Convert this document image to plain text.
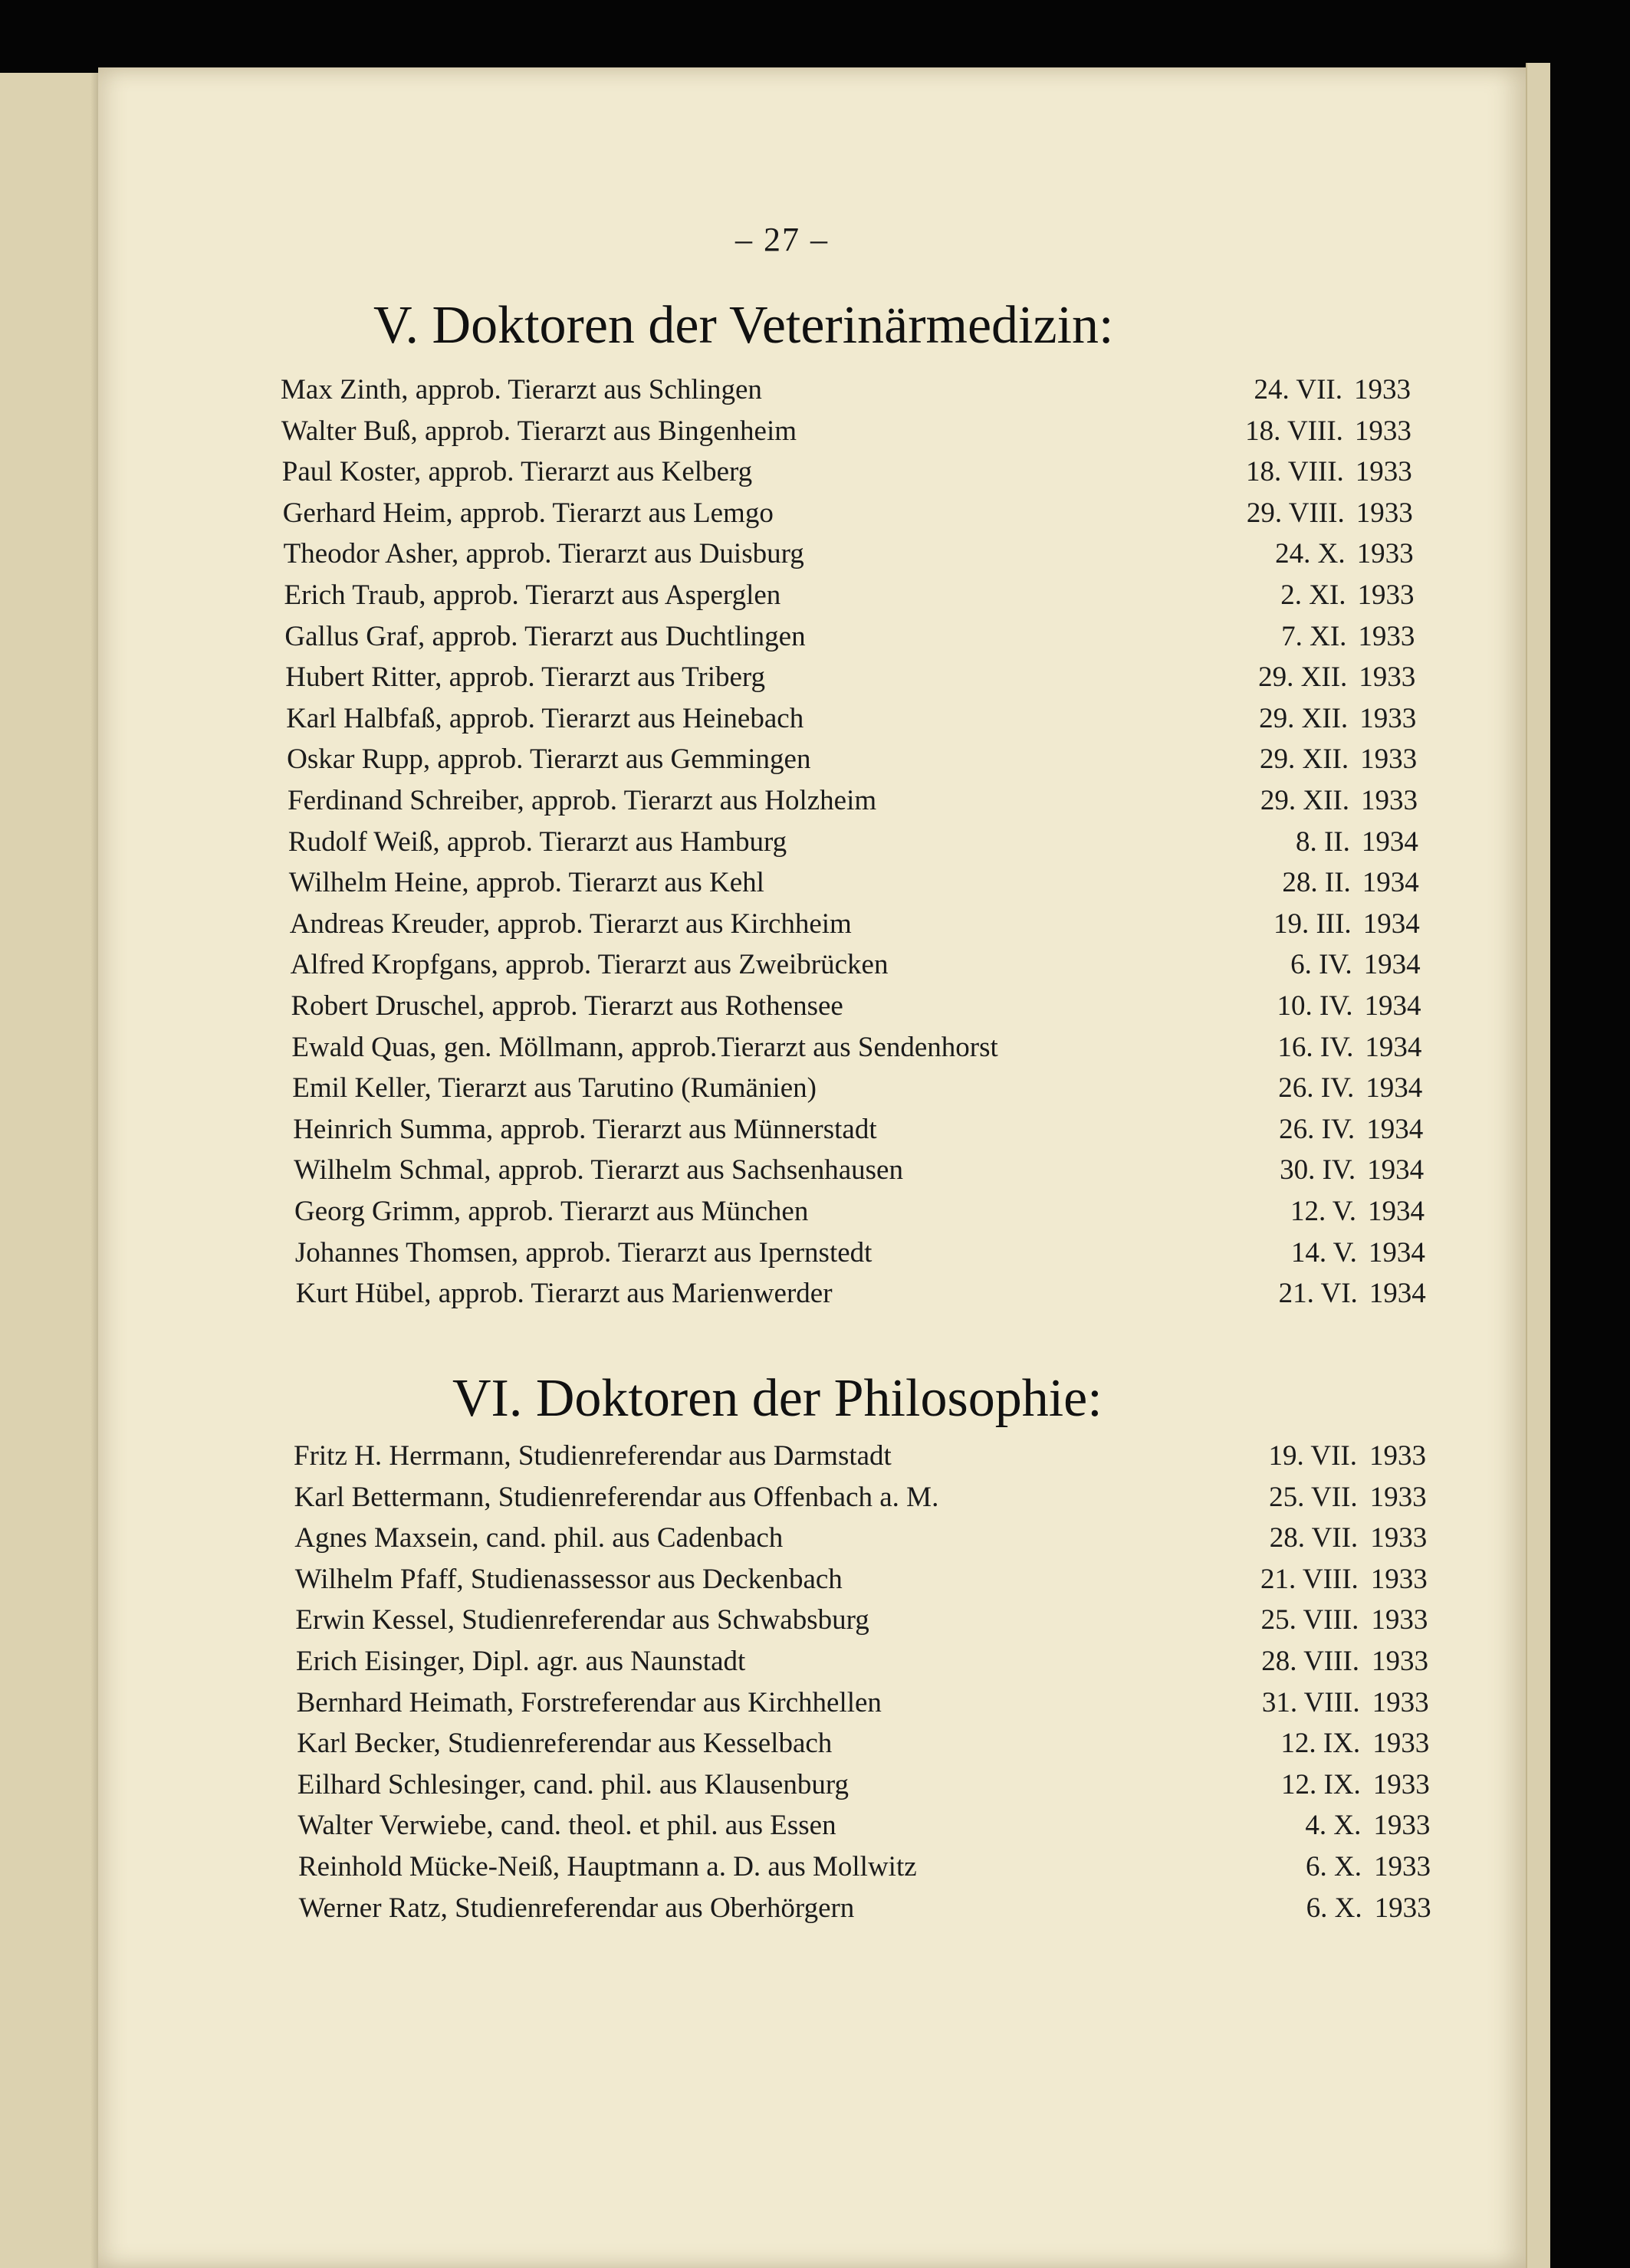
– 27 –
V. Doktoren der Veterinärmedizin:
Max Zinth, approb. Tierarzt aus Schlingen	24. VII. 1933
Walter Buß, approb. Tierarzt aus Bingenheim	18. VIII. 1933
Paul Koster, approb. Tierarzt aus Kelberg	18. VIII. 1933
Gerhard Heim, approb. Tierarzt aus Lemgo	29. VIII. 1933
Theodor Asher, approb. Tierarzt aus Duisburg	24. X. 1933
Erich Traub, approb. Tierarzt aus Asperglen	2. XI. 1933
Gallus Graf, approb. Tierarzt aus Duchtlingen	7. XI. 1933
Hubert Ritter, approb. Tierarzt aus Triberg	29. XII. 1933
Karl Halbfaß, approb. Tierarzt aus Heinebach	29. XII. 1933
Oskar Rupp, approb. Tierarzt aus Gemmingen	29. XII. 1933
Ferdinand Schreiber, approb. Tierarzt aus Holzheim	29. XII. 1933
Rudolf Weiß, approb. Tierarzt aus Hamburg	8. II. 1934
Wilhelm Heine, approb. Tierarzt aus Kehl	28. II. 1934
Andreas Kreuder, approb. Tierarzt aus Kirchheim	19. III. 1934
Alfred Kropfgans, approb. Tierarzt aus Zweibrücken	6. IV. 1934
Robert Druschel, approb. Tierarzt aus Rothensee	10. IV. 1934
Ewald Quas, gen. Möllmann, approb.Tierarzt aus Sendenhorst	16. IV. 1934
Emil Keller, Tierarzt aus Tarutino (Rumänien)	26. IV. 1934
Heinrich Summa, approb. Tierarzt aus Münnerstadt	26. IV. 1934
Wilhelm Schmal, approb. Tierarzt aus Sachsenhausen	30. IV. 1934
Georg Grimm, approb. Tierarzt aus München	12. V. 1934
Johannes Thomsen, approb. Tierarzt aus Ipernstedt	14. V. 1934
Kurt Hübel, approb. Tierarzt aus Marienwerder	21. VI. 1934
VI. Doktoren der Philosophie:
Fritz H. Herrmann, Studienreferendar aus Darmstadt	19. VII. 1933
Karl Bettermann, Studienreferendar aus Offenbach a. M.	25. VII. 1933
Agnes Maxsein, cand. phil. aus Cadenbach	28. VII. 1933
Wilhelm Pfaff, Studienassessor aus Deckenbach	21. VIII. 1933
Erwin Kessel, Studienreferendar aus Schwabsburg	25. VIII. 1933
Erich Eisinger, Dipl. agr. aus Naunstadt	28. VIII. 1933
Bernhard Heimath, Forstreferendar aus Kirchhellen	31. VIII. 1933
Karl Becker, Studienreferendar aus Kesselbach	12. IX. 1933
Eilhard Schlesinger, cand. phil. aus Klausenburg	12. IX. 1933
Walter Verwiebe, cand. theol. et phil. aus Essen	4. X. 1933
Reinhold Mücke-Neiß, Hauptmann a. D. aus Mollwitz	6. X. 1933
Werner Ratz, Studienreferendar aus Oberhörgern	6. X. 1933
